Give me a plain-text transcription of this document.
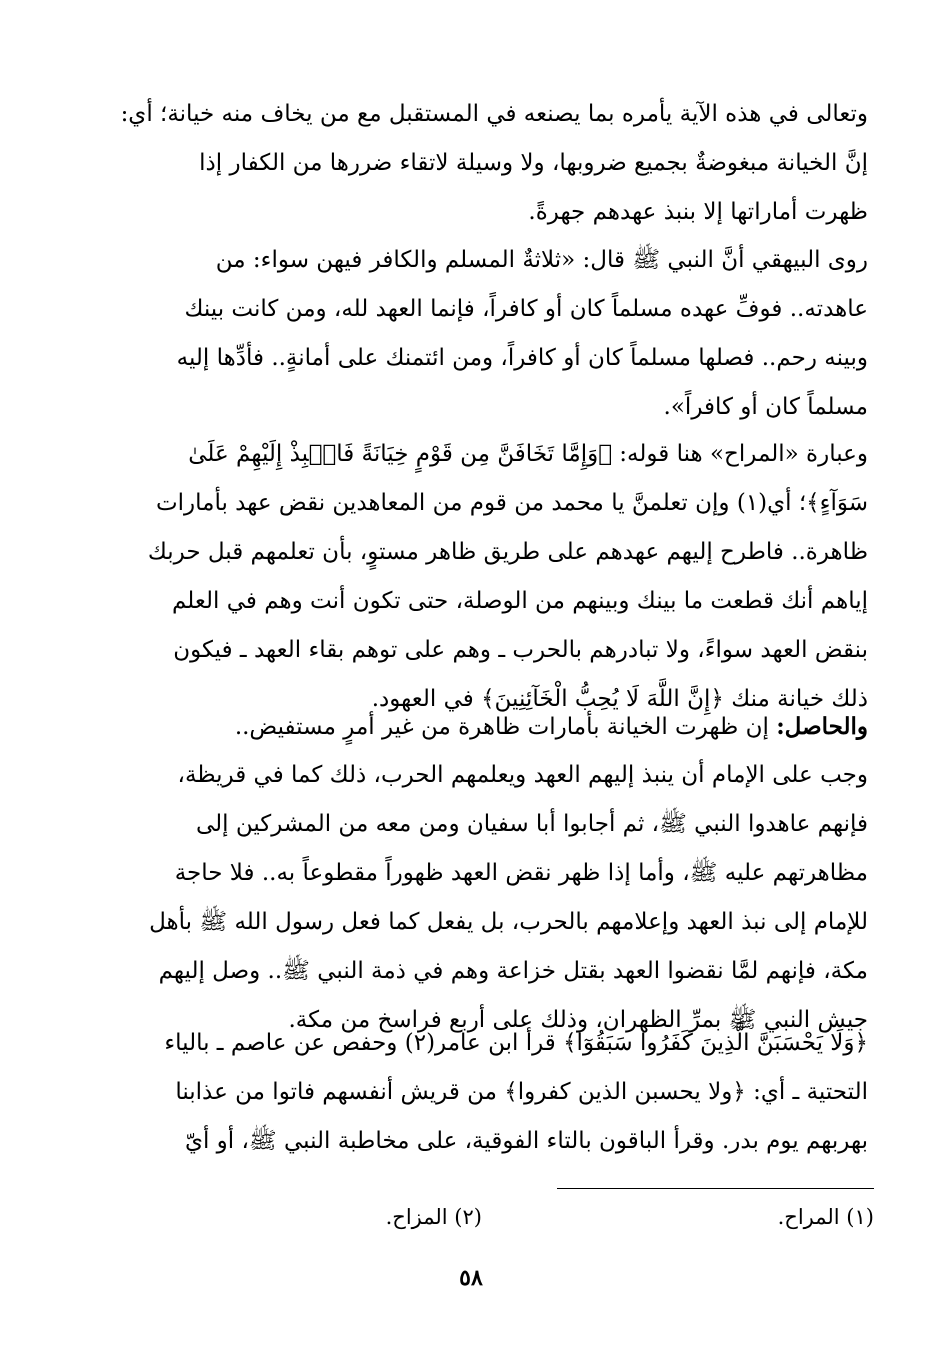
وتعالى في هذه الآية يأمره بما يصنعه في المستقبل مع من يخاف منه خيانة؛ أي:
إنَّ الخيانة مبغوضةٌ بجميع ضروبها، ولا وسيلة لاتقاء ضررها من الكفار إذا
ظهرت أماراتها إلا بنبذ عهدهم جهرةً.
روى البيهقي أنَّ النبي ﷺ قال: «ثلاثةٌ المسلم والكافر فيهن سواء: من
عاهدته.. فوفِّ عهده مسلماً كان أو كافراً، فإنما العهد لله، ومن كانت بينك
وبينه رحم.. فصلها مسلماً كان أو كافراً، ومن ائتمنك على أمانةٍ.. فأدِّها إليه
مسلماً كان أو كافراً».
وعبارة «المراح» هنا قوله: ﴿وَإِمَّا تَخَافَنَّ مِن قَوْمٍ خِيَانَةً فَانۢبِذْ إِلَيْهِمْ عَلَىٰ
سَوَآءٍ﴾؛ أي(١) وإن تعلمنَّ يا محمد من قوم من المعاهدين نقض عهد بأمارات
ظاهرة.. فاطرح إليهم عهدهم على طريق ظاهر مستوٍ، بأن تعلمهم قبل حربك
إياهم أنك قطعت ما بينك وبينهم من الوصلة، حتى تكون أنت وهم في العلم
بنقض العهد سواءً، ولا تبادرهم بالحرب ـ وهم على توهم بقاء العهد ـ فيكون
ذلك خيانة منك ﴿إِنَّ اللَّهَ لَا يُحِبُّ الْخَآئِنِينَ﴾ في العهود.
والحاصل: إن ظهرت الخيانة بأمارات ظاهرة من غير أمرٍ مستفيض..
وجب على الإمام أن ينبذ إليهم العهد ويعلمهم الحرب، ذلك كما في قريظة،
فإنهم عاهدوا النبي ﷺ، ثم أجابوا أبا سفيان ومن معه من المشركين إلى
مظاهرتهم عليه ﷺ، وأما إذا ظهر نقض العهد ظهوراً مقطوعاً به.. فلا حاجة
للإمام إلى نبذ العهد وإعلامهم بالحرب، بل يفعل كما فعل رسول الله ﷺ بأهل
مكة، فإنهم لمَّا نقضوا العهد بقتل خزاعة وهم في ذمة النبي ﷺ.. وصل إليهم
جيش النبي ﷺ بمرِّ الظهران، وذلك على أربع فراسخ من مكة.
﴿وَلَا يَحْسَبَنَّ الَّذِينَ كَفَرُوا سَبَقُوٓا﴾ قرأ ابن عامر(٢) وحفص عن عاصم ـ بالياء
التحتية ـ أي: ﴿ولا يحسبن الذين كفروا﴾ من قريش أنفسهم فاتوا من عذابنا
بهربهم يوم بدر. وقرأ الباقون بالتاء الفوقية، على مخاطبة النبي ﷺ، أو أيّ
(١) المراح.
(٢) المزاح.
٥٨
